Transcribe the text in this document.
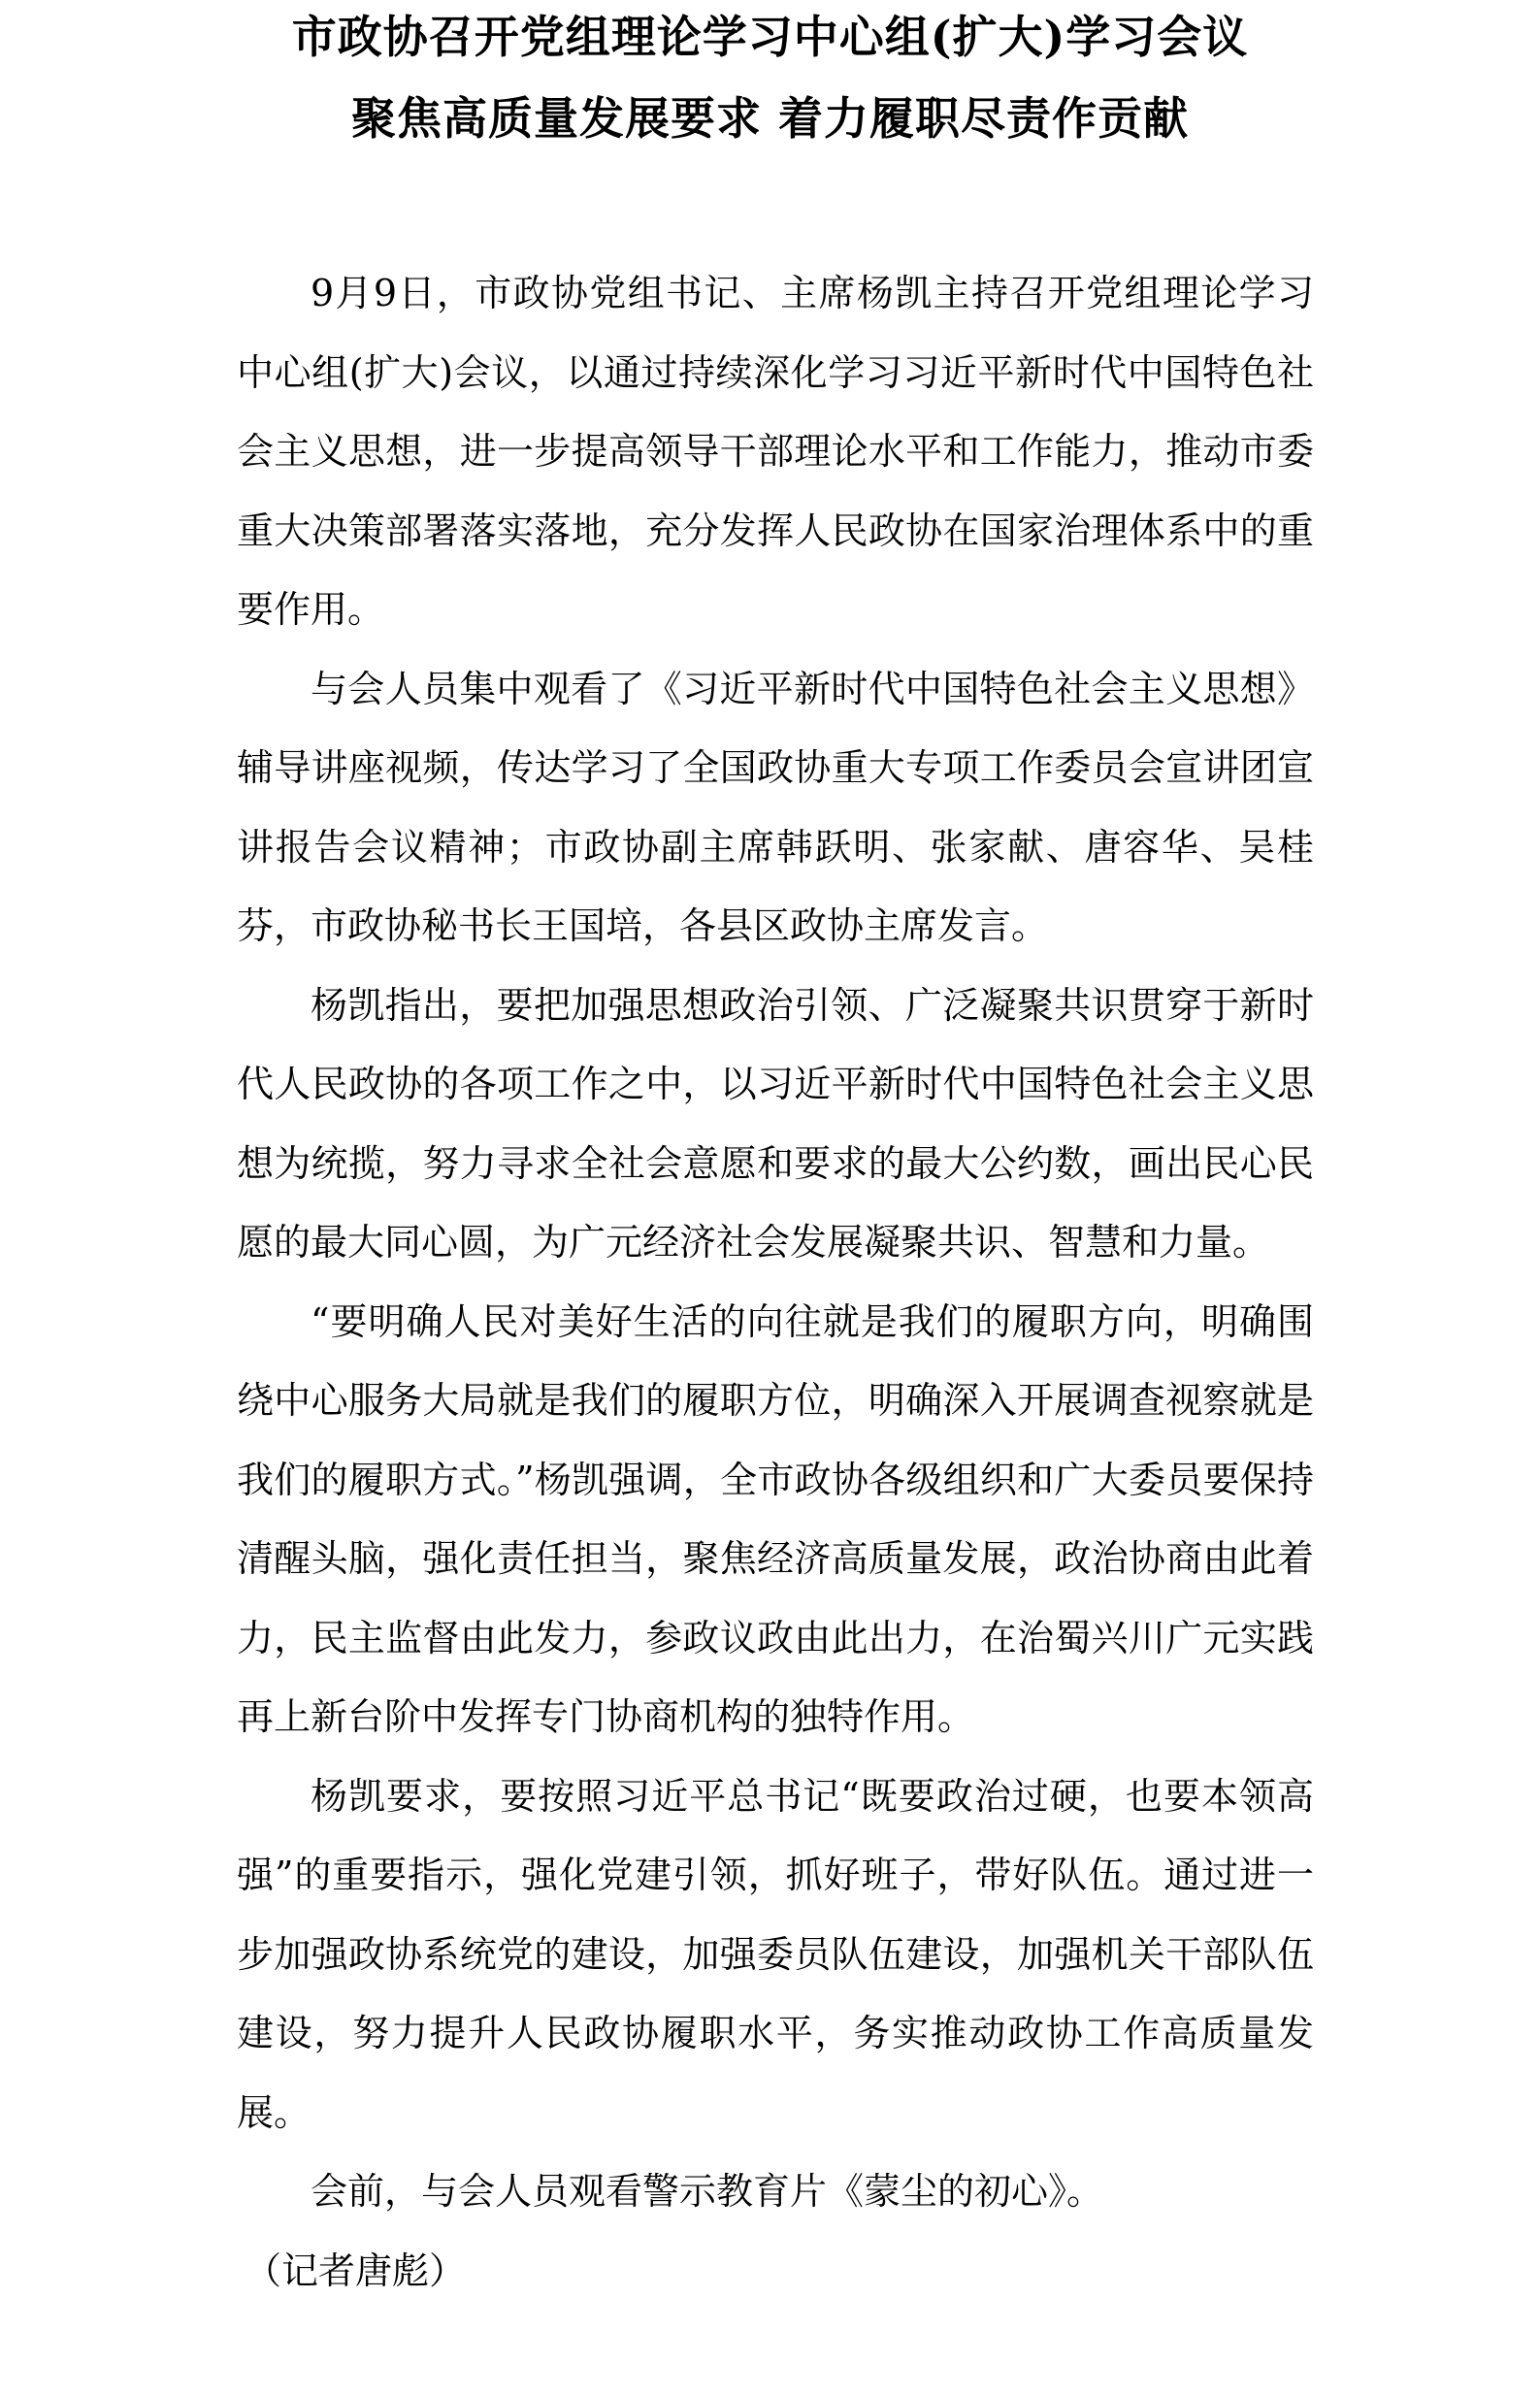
市政协召开党组理论学习中心组(扩大)学习会议
聚焦高质量发展要求 着力履职尽责作贡献

9月9日，市政协党组书记、主席杨凯主持召开党组理论学习中心组(扩大)会议，以通过持续深化学习习近平新时代中国特色社会主义思想，进一步提高领导干部理论水平和工作能力，推动市委重大决策部署落实落地，充分发挥人民政协在国家治理体系中的重要作用。

与会人员集中观看了《习近平新时代中国特色社会主义思想》辅导讲座视频，传达学习了全国政协重大专项工作委员会宣讲团宣讲报告会议精神；市政协副主席韩跃明、张家献、唐容华、吴桂芬，市政协秘书长王国培，各县区政协主席发言。

杨凯指出，要把加强思想政治引领、广泛凝聚共识贯穿于新时代人民政协的各项工作之中，以习近平新时代中国特色社会主义思想为统揽，努力寻求全社会意愿和要求的最大公约数，画出民心民愿的最大同心圆，为广元经济社会发展凝聚共识、智慧和力量。

“要明确人民对美好生活的向往就是我们的履职方向，明确围绕中心服务大局就是我们的履职方位，明确深入开展调查视察就是我们的履职方式。”杨凯强调，全市政协各级组织和广大委员要保持清醒头脑，强化责任担当，聚焦经济高质量发展，政治协商由此着力，民主监督由此发力，参政议政由此出力，在治蜀兴川广元实践再上新台阶中发挥专门协商机构的独特作用。

杨凯要求，要按照习近平总书记“既要政治过硬，也要本领高强”的重要指示，强化党建引领，抓好班子，带好队伍。通过进一步加强政协系统党的建设，加强委员队伍建设，加强机关干部队伍建设，努力提升人民政协履职水平，务实推动政协工作高质量发展。

会前，与会人员观看警示教育片《蒙尘的初心》。

（记者唐彪）
